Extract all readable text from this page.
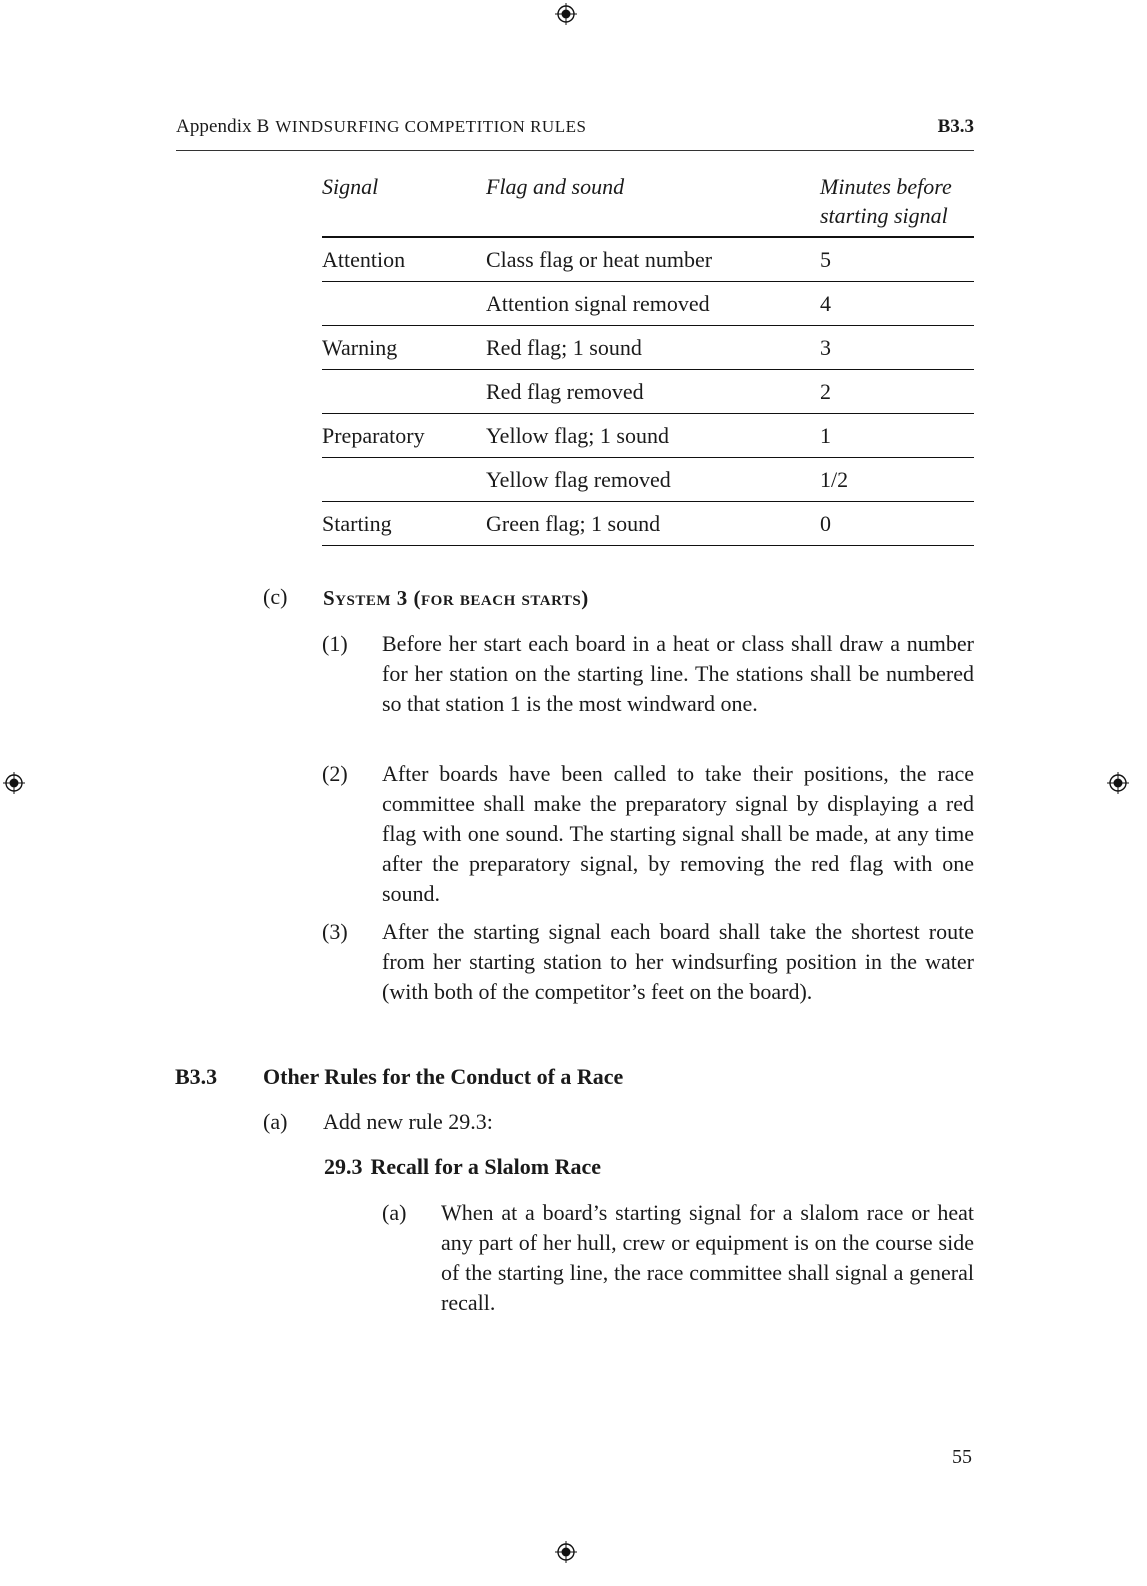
Appendix B WINDSURFING COMPETITION RULES	B3.3
Signal	Flag and sound	Minutes before starting signal
Attention	Class flag or heat number	5
	Attention signal removed	4
Warning	Red flag; 1 sound	3
	Red flag removed	2
Preparatory	Yellow flag; 1 sound	1
	Yellow flag removed	1/2
Starting	Green flag; 1 sound	0
(c) System 3 (for beach starts)
(1) Before her start each board in a heat or class shall draw a number for her station on the starting line. The stations shall be numbered so that station 1 is the most windward one.
(2) After boards have been called to take their positions, the race committee shall make the preparatory signal by displaying a red flag with one sound. The starting signal shall be made, at any time after the preparatory signal, by removing the red flag with one sound.
(3) After the starting signal each board shall take the shortest route from her starting station to her windsurfing position in the water (with both of the competitor’s feet on the board).
B3.3 Other Rules for the Conduct of a Race
(a) Add new rule 29.3:
29.3 Recall for a Slalom Race
(a) When at a board’s starting signal for a slalom race or heat any part of her hull, crew or equipment is on the course side of the starting line, the race committee shall signal a general recall.
55
